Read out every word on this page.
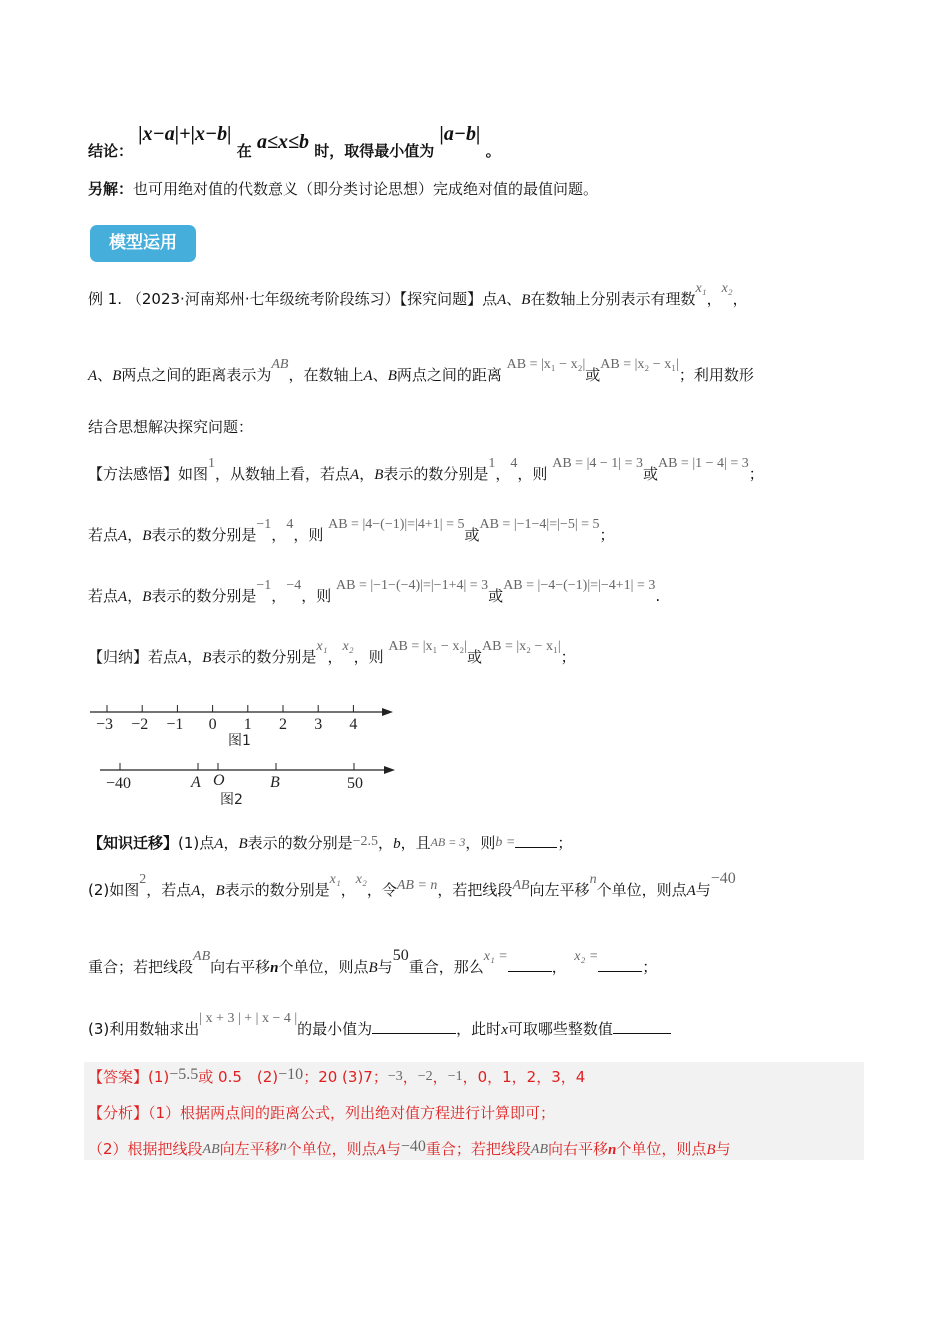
结论： |x−a|+|x−b| 在 a≤x≤b 时，取得最小值为 |a−b| 。
另解：也可用绝对值的代数意义（即分类讨论思想）完成绝对值的最值问题。
模型运用
例 1. （2023·河南郑州·七年级统考阶段练习）【探究问题】点A、B在数轴上分别表示有理数x₁，x₂，
A、B两点之间的距离表示为AB，在数轴上A、B两点之间的距离 AB = |x₁ − x₂|或AB = |x₂ − x₁|；利用数形
结合思想解决探究问题：
【方法感悟】如图1，从数轴上看，若点A，B表示的数分别是1，4，则 AB = |4 − 1| = 3或AB = |1 − 4| = 3；
若点A，B表示的数分别是−1，4，则 AB = |4−(−1)|=|4+1| = 5或AB = |−1−4|=|−5| = 5；
若点A，B表示的数分别是−1，−4，则 AB = |−1−(−4)|=|−1+4| = 3或AB = |−4−(−1)|=|−4+1| = 3.
【归纳】若点A，B表示的数分别是x₁，x₂，则 AB = |x₁ − x₂|或AB = |x₂ − x₁|；
−3 −2 −1 0 1 2 3 4
图1
−40	A O	B	50
图2
【知识迁移】(1)点A，B表示的数分别是−2.5，b，且AB = 3，则b =	；
(2)如图2，若点A，B表示的数分别是x₁，x₂，令AB = n，若把线段AB向左平移n个单位，则点A与−40
重合；若把线段AB向右平移n个单位，则点B与50重合，那么x₁ =，　x₂ =；
(3)利用数轴求出| x + 3 | + | x − 4 |的最小值为	，此时x可取哪些整数值
【答案】(1)−5.5或 0.5　(2)−10；20 (3)7；−3，−2，−1，0，1，2，3，4
【分析】（1）根据两点间的距离公式，列出绝对值方程进行计算即可；
（2）根据把线段AB向左平移n个单位，则点A与−40重合；若把线段AB向右平移n个单位，则点B与
